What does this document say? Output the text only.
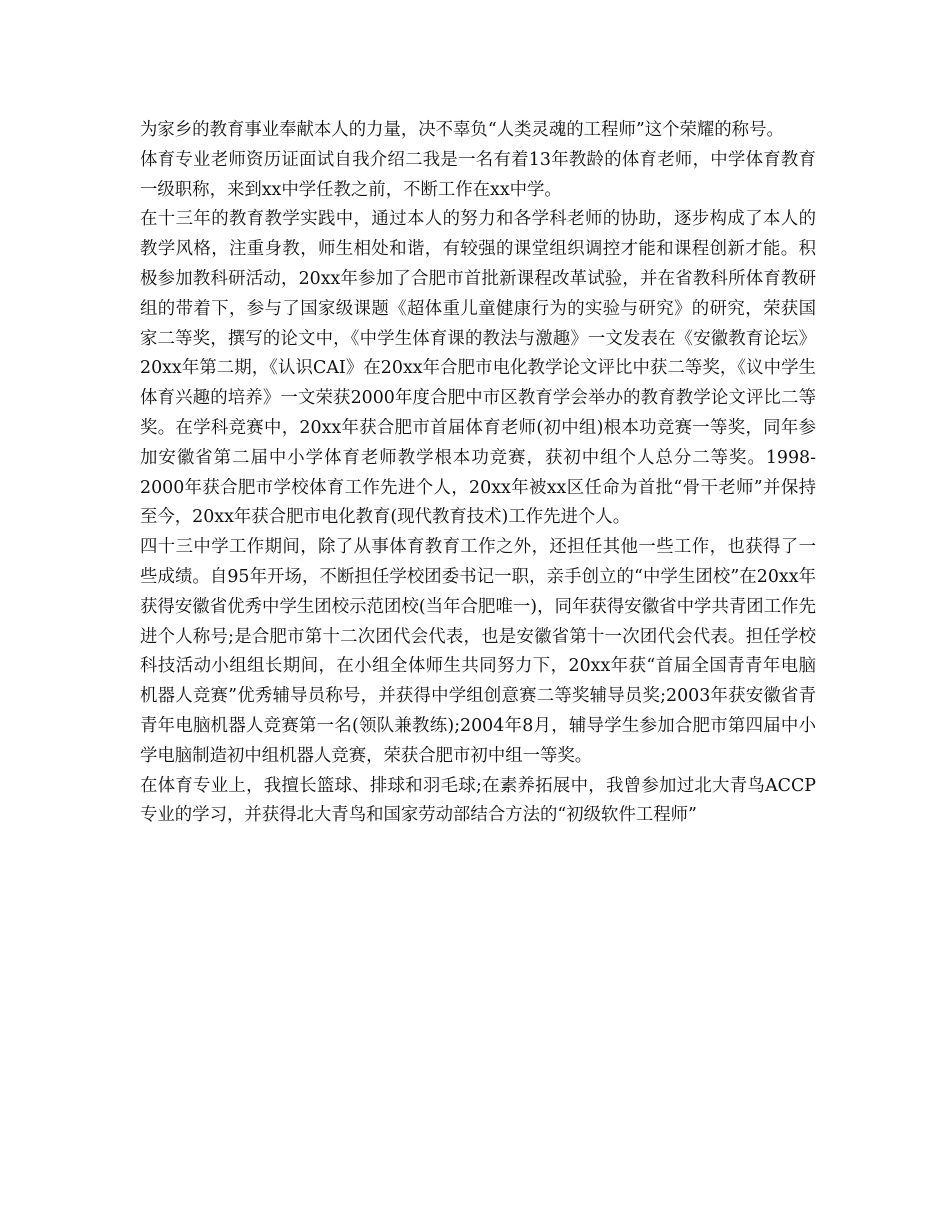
为家乡的教育事业奉献本人的力量，决不辜负“人类灵魂的工程师”这个荣耀的称号。

体育专业老师资历证面试自我介绍二我是一名有着13年教龄的体育老师，中学体育教育一级职称，来到xx中学任教之前，不断工作在xx中学。

在十三年的教育教学实践中，通过本人的努力和各学科老师的协助，逐步构成了本人的教学风格，注重身教，师生相处和谐，有较强的课堂组织调控才能和课程创新才能。积极参加教科研活动，20xx年参加了合肥市首批新课程改革试验，并在省教科所体育教研组的带着下，参与了国家级课题《超体重儿童健康行为的实验与研究》的研究，荣获国家二等奖，撰写的论文中，《中学生体育课的教法与激趣》一文发表在《安徽教育论坛》20xx年第二期，《认识CAI》在20xx年合肥市电化教学论文评比中获二等奖，《议中学生体育兴趣的培养》一文荣获2000年度合肥中市区教育学会举办的教育教学论文评比二等奖。在学科竞赛中，20xx年获合肥市首届体育老师(初中组)根本功竞赛一等奖，同年参加安徽省第二届中小学体育老师教学根本功竞赛，获初中组个人总分二等奖。1998-2000年获合肥市学校体育工作先进个人，20xx年被xx区任命为首批“骨干老师”并保持至今，20xx年获合肥市电化教育(现代教育技术)工作先进个人。

四十三中学工作期间，除了从事体育教育工作之外，还担任其他一些工作，也获得了一些成绩。自95年开场，不断担任学校团委书记一职，亲手创立的“中学生团校”在20xx年获得安徽省优秀中学生团校示范团校(当年合肥唯一)，同年获得安徽省中学共青团工作先进个人称号;是合肥市第十二次团代会代表，也是安徽省第十一次团代会代表。担任学校科技活动小组组长期间，在小组全体师生共同努力下，20xx年获“首届全国青青年电脑机器人竞赛”优秀辅导员称号，并获得中学组创意赛二等奖辅导员奖;2003年获安徽省青青年电脑机器人竞赛第一名(领队兼教练);2004年8月，辅导学生参加合肥市第四届中小学电脑制造初中组机器人竞赛，荣获合肥市初中组一等奖。

在体育专业上，我擅长篮球、排球和羽毛球;在素养拓展中，我曾参加过北大青鸟ACCP专业的学习，并获得北大青鸟和国家劳动部结合方法的“初级软件工程师”
